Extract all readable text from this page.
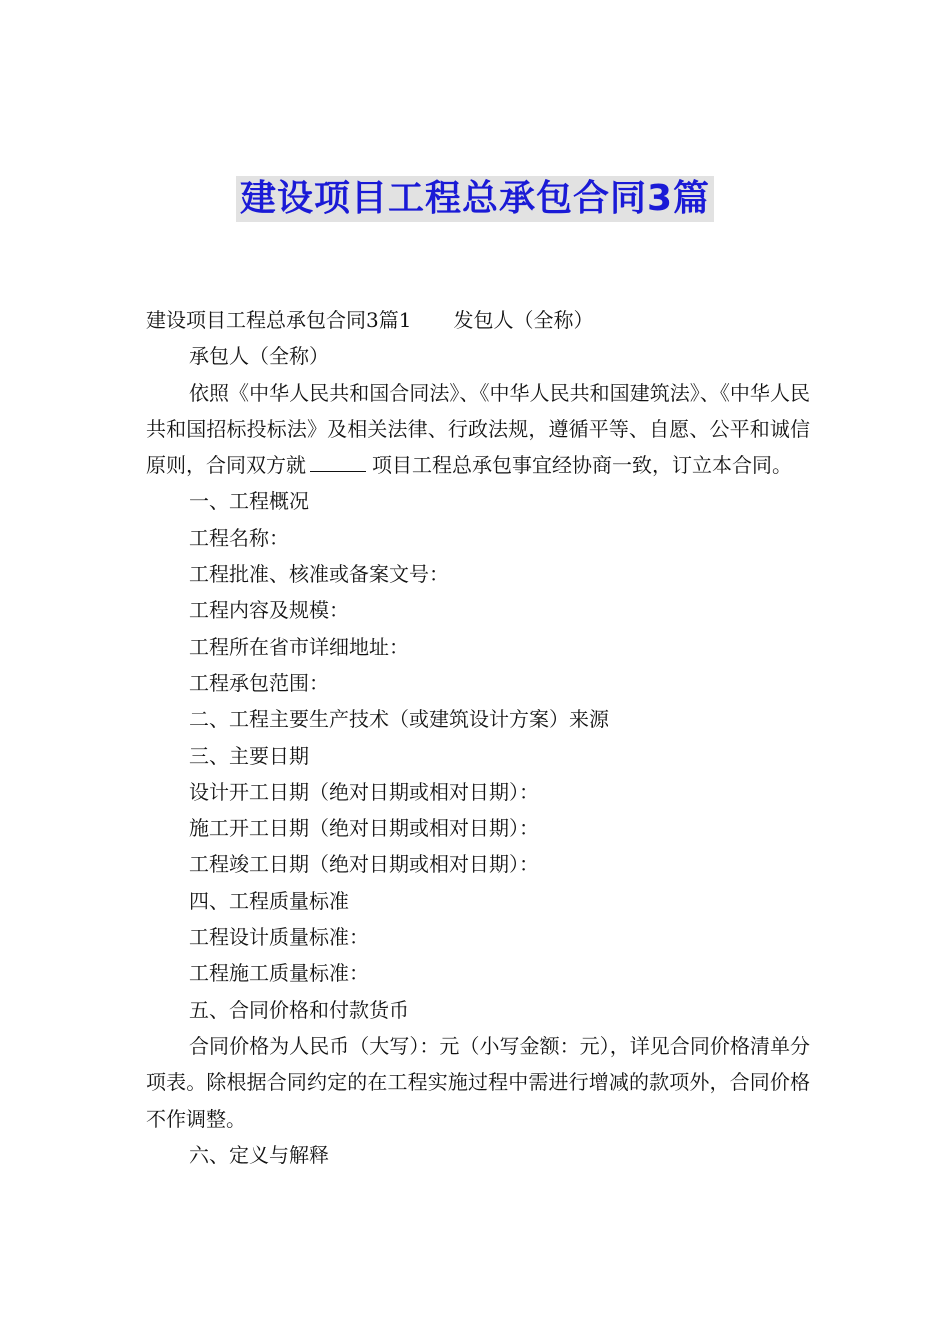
建设项目工程总承包合同3篇

建设项目工程总承包合同3篇1 发包人（全称）

承包人（全称）

依照《中华人民共和国合同法》、《中华人民共和国建筑法》、《中华人民共和国招标投标法》及相关法律、行政法规，遵循平等、自愿、公平和诚信原则，合同双方就	项目工程总承包事宜经协商一致，订立本合同。

一、工程概况

工程名称：

工程批准、核准或备案文号：

工程内容及规模：

工程所在省市详细地址：

工程承包范围：

二、工程主要生产技术（或建筑设计方案）来源

三、主要日期

设计开工日期（绝对日期或相对日期）：

施工开工日期（绝对日期或相对日期）：

工程竣工日期（绝对日期或相对日期）：

四、工程质量标准

工程设计质量标准：

工程施工质量标准：

五、合同价格和付款货币

合同价格为人民币（大写）：元（小写金额：元），详见合同价格清单分项表。除根据合同约定的在工程实施过程中需进行增减的款项外，合同价格不作调整。

六、定义与解释
